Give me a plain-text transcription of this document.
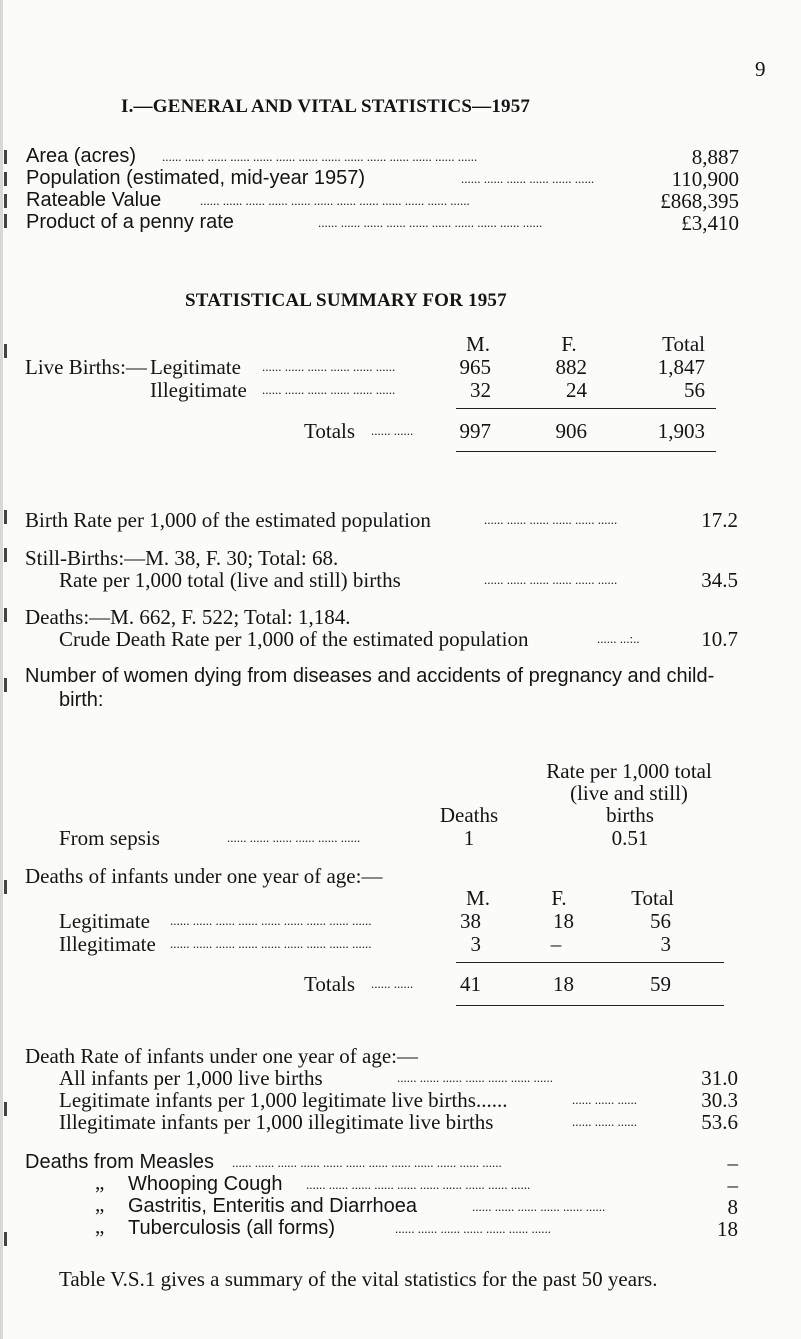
9
I.—GENERAL AND VITAL STATISTICS—1957
Area (acres) ...... ...... ...... ...... ...... ...... ...... ...... ...... ...... ...... ...... ...... ......	8,887
Population (estimated, mid-year 1957)	...... ...... ...... ...... ...... ......	110,900
Rateable Value	...... ...... ...... ...... ...... ...... ...... ...... ...... ...... ...... ......	£868,395
Product of a penny rate	...... ...... ...... ...... ...... ...... ...... ...... ...... ......	£3,410
STATISTICAL SUMMARY FOR 1957
M.	F.	Total
Live Births:— Legitimate ...... ...... ...... ...... ...... ......	965	882	1,847
Illegitimate ...... ...... ...... ...... ...... ......	32	24	56
Totals ...... ...... 997	906	1,903
Birth Rate per 1,000 of the estimated population	...... ...... ...... ...... ...... ......	17.2
Still-Births:—M. 38, F. 30; Total: 68.
Rate per 1,000 total (live and still) births	...... ...... ...... ...... ...... ......	34.5
Deaths:—M. 662, F. 522; Total: 1,184.
Crude Death Rate per 1,000 of the estimated population	...... ...:..	10.7
Number of women dying from diseases and accidents of pregnancy and child-
birth:
Rate per 1,000 total
(live and still)
Deaths	births
From sepsis	...... ...... ...... ...... ...... ......	1	0.51
Deaths of infants under one year of age:—
M.	F.	Total
Legitimate ...... ...... ...... ...... ...... ...... ...... ...... ......	38	18	56
Illegitimate ...... ...... ...... ...... ...... ...... ...... ...... ......	3	–	3
Totals ...... ...... 41	18	59
Death Rate of infants under one year of age:—
All infants per 1,000 live births	...... ...... ...... ...... ...... ...... ......	31.0
Legitimate infants per 1,000 legitimate live births......	...... ...... ......	30.3
Illegitimate infants per 1,000 illegitimate live births	...... ...... ......	53.6
Deaths from Measles ...... ...... ...... ...... ...... ...... ...... ...... ...... ...... ...... ......	–
„ Whooping Cough ...... ...... ...... ...... ...... ...... ...... ...... ...... ......	–
„ Gastritis, Enteritis and Diarrhoea	...... ...... ...... ...... ...... ......	8
„ Tuberculosis (all forms)	...... ...... ...... ...... ...... ...... ......	18
Table V.S.1 gives a summary of the vital statistics for the past 50 years.
